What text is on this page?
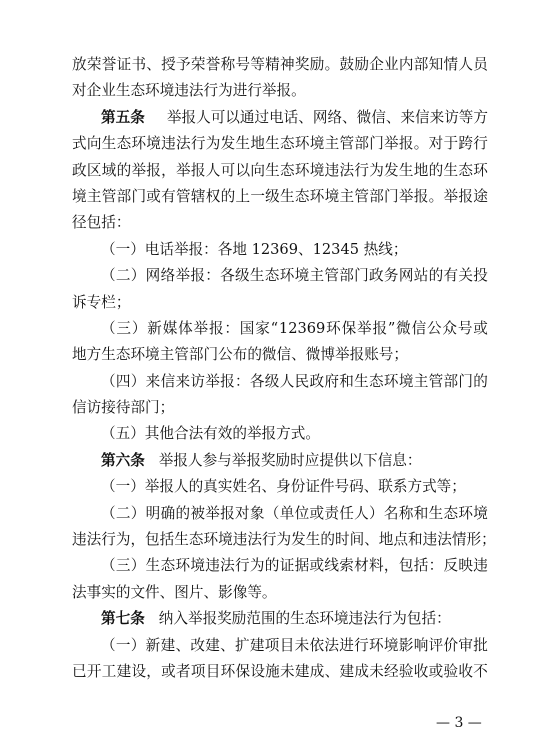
放 荣 誉 证 书 、 授 予 荣 誉 称 号 等 精 神 奖 励 。 鼓 励 企 业 内 部 知 情 人 员
对 企 业 生 态 环 境 违 法 行 为 进 行 举 报 。
第五条 举报人可以通过电话、网络、微信、来信来访等方
式 向 生 态 环 境 违 法 行 为 发 生 地 生 态 环 境 主 管 部 门 举 报 。 对 于 跨 行
政 区 域 的 举 报 ， 举 报 人 可 以 向 生 态 环 境 违 法 行 为 发 生 地 的 生 态 环
境 主 管 部 门 或 有 管 辖 权 的 上 一 级 生 态 环 境 主 管 部 门 举 报 。 举 报 途
径 包 括 ：
（一）电话举报：各地 12369、12345 热线；
（ 二 ） 网 络 举 报 ： 各 级 生 态 环 境 主 管 部 门 政 务 网 站 的 有 关 投
诉 专 栏 ；
（ 三 ） 新 媒 体 举 报 ： 国 家 “ 12369 环 保 举 报 ” 微 信 公 众 号 或
地 方 生 态 环 境 主 管 部 门 公 布 的 微 信 、 微 博 举 报 账 号 ；
（ 四 ） 来 信 来 访 举 报 ： 各 级 人 民 政 府 和 生 态 环 境 主 管 部 门 的
信 访 接 待 部 门 ；
（五）其他合法有效的举报方式。
第六条 举报人参与举报奖励时应提供以下信息：
（一）举报人的真实姓名、身份证件号码、联系方式等；
（ 二 ） 明 确 的 被 举 报 对 象 （ 单 位 或 责 任 人 ） 名 称 和 生 态 环 境
违 法 行 为 ， 包 括 生 态 环 境 违 法 行 为 发 生 的 时 间 、 地 点 和 违 法 情 形 ；
（ 三 ） 生 态 环 境 违 法 行 为 的 证 据 或 线 索 材 料 ， 包 括 ： 反 映 违
法 事 实 的 文 件 、 图 片 、 影 像 等 。
第七条 纳入举报奖励范围的生态环境违法行为包括：
（ 一 ） 新 建 、 改 建 、 扩 建 项 目 未 依 法 进 行 环 境 影 响 评 价 审 批
已 开 工 建 设 ， 或 者 项 目 环 保 设 施 未 建 成 、 建 成 未 经 验 收 或 验 收 不
— 3 —
